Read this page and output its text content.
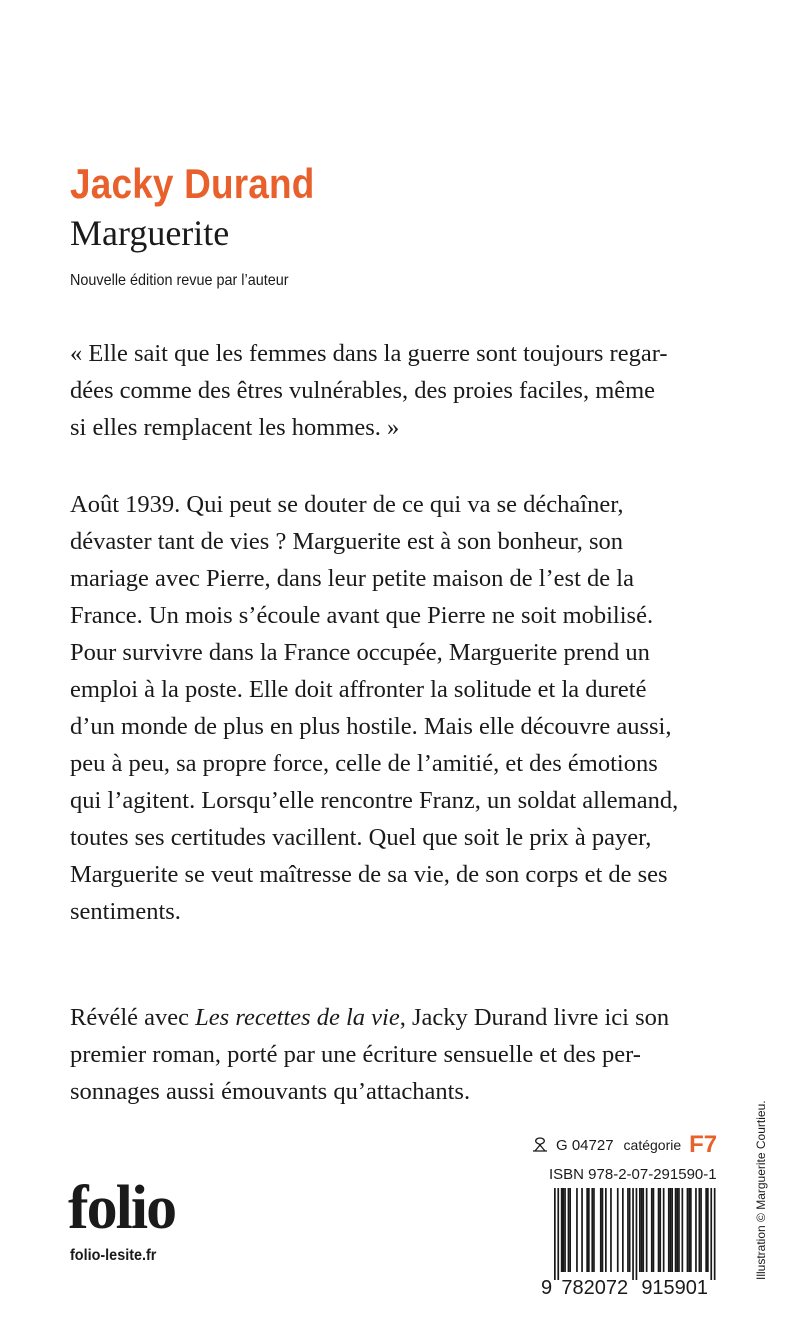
Jacky Durand
Marguerite
Nouvelle édition revue par l’auteur

« Elle sait que les femmes dans la guerre sont toujours regar-
dées comme des êtres vulnérables, des proies faciles, même
si elles remplacent les hommes. »

Août 1939. Qui peut se douter de ce qui va se déchaîner,
dévaster tant de vies ? Marguerite est à son bonheur, son
mariage avec Pierre, dans leur petite maison de l’est de la
France. Un mois s’écoule avant que Pierre ne soit mobilisé.
Pour survivre dans la France occupée, Marguerite prend un
emploi à la poste. Elle doit affronter la solitude et la dureté
d’un monde de plus en plus hostile. Mais elle découvre aussi,
peu à peu, sa propre force, celle de l’amitié, et des émotions
qui l’agitent. Lorsqu’elle rencontre Franz, un soldat allemand,
toutes ses certitudes vacillent. Quel que soit le prix à payer,
Marguerite se veut maîtresse de sa vie, de son corps et de ses
sentiments.

Révélé avec Les recettes de la vie, Jacky Durand livre ici son
premier roman, porté par une écriture sensuelle et des per-
sonnages aussi émouvants qu’attachants.

folio
folio-lesite.fr
G 04727 catégorie F7
ISBN 978-2-07-291590-1
9 782072 915901
Illustration © Marguerite Courtieu.
